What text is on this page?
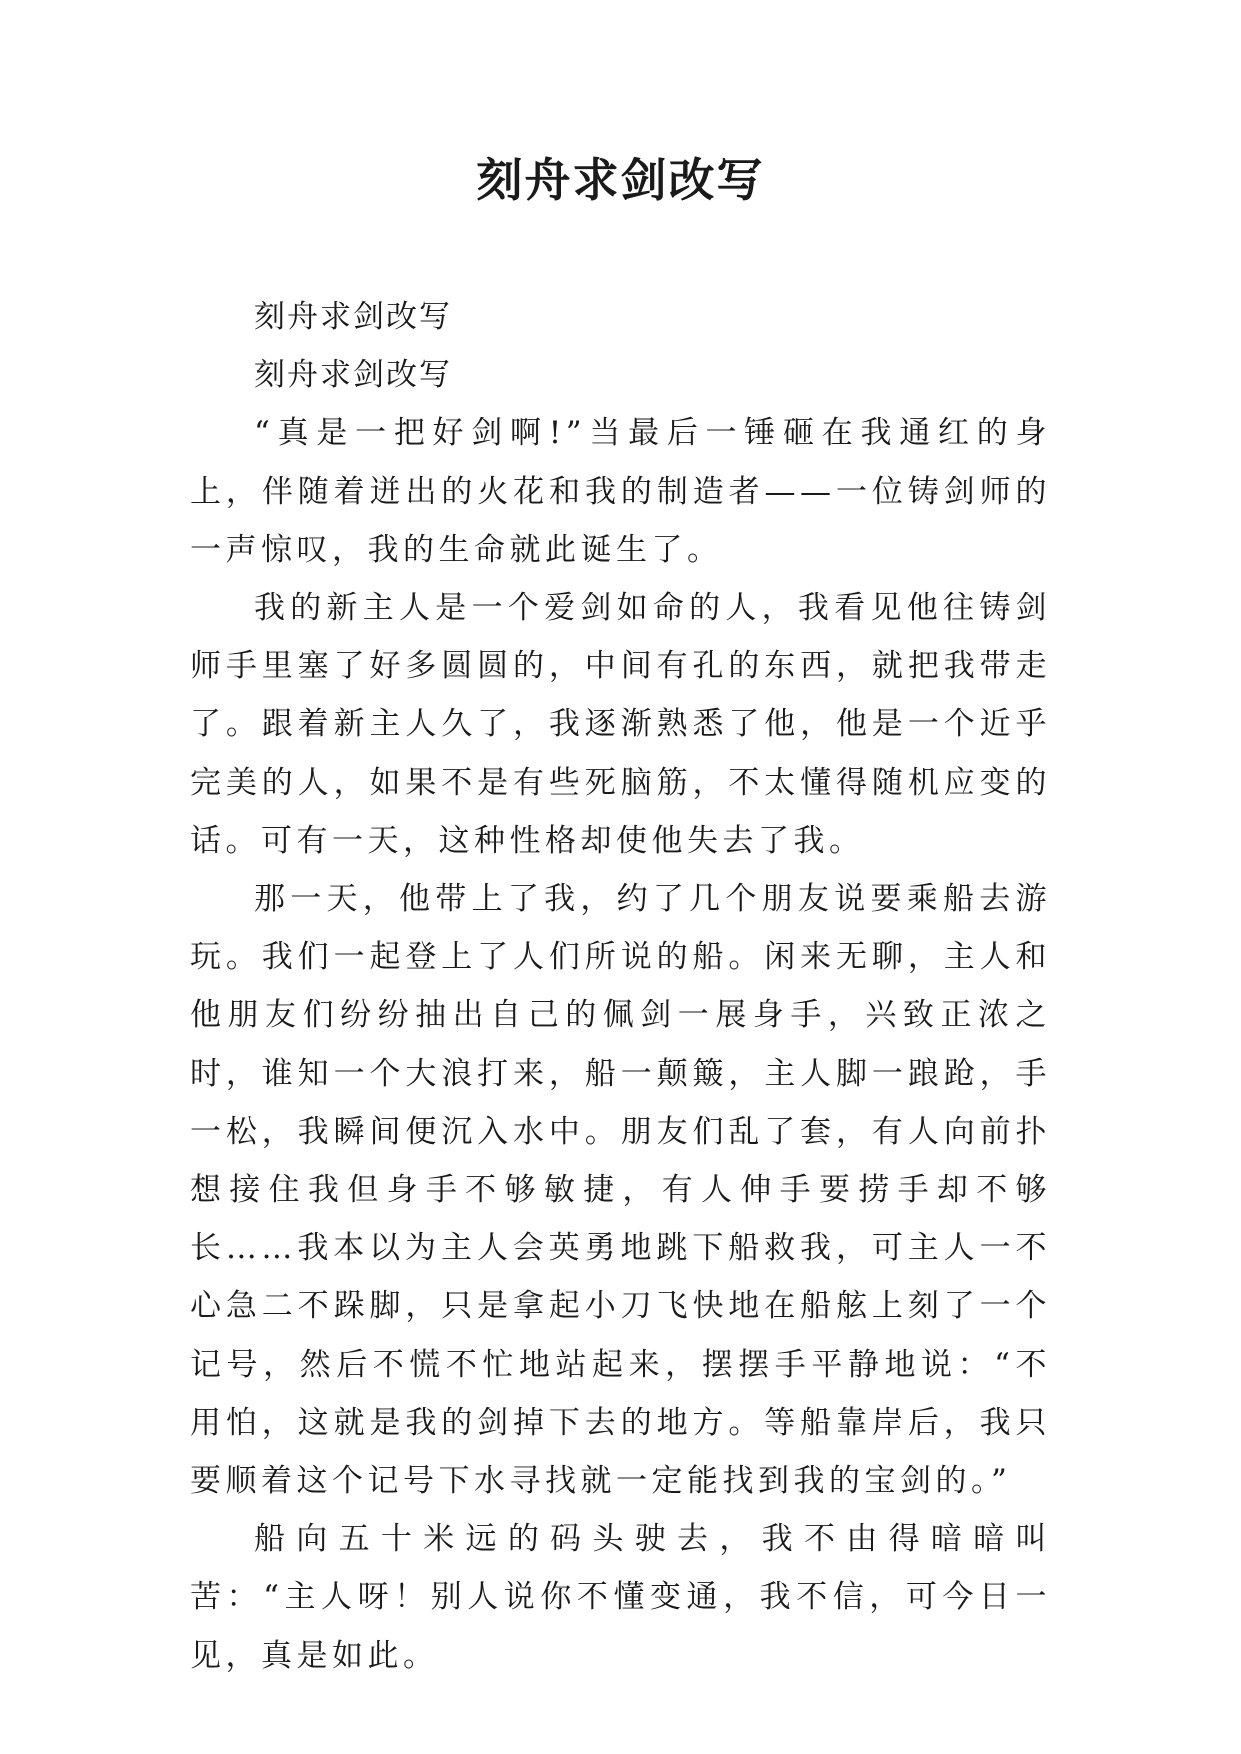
刻舟求剑改写

刻舟求剑改写

刻舟求剑改写

“真是一把好剑啊!”当最后一锤砸在我通红的身上，伴随着迸出的火花和我的制造者——一位铸剑师的一声惊叹，我的生命就此诞生了。

我的新主人是一个爱剑如命的人，我看见他往铸剑师手里塞了好多圆圆的，中间有孔的东西，就把我带走了。跟着新主人久了，我逐渐熟悉了他，他是一个近乎完美的人，如果不是有些死脑筋，不太懂得随机应变的话。可有一天，这种性格却使他失去了我。

那一天，他带上了我，约了几个朋友说要乘船去游玩。我们一起登上了人们所说的船。闲来无聊，主人和他朋友们纷纷抽出自己的佩剑一展身手，兴致正浓之时，谁知一个大浪打来，船一颠簸，主人脚一踉跄，手一松，我瞬间便沉入水中。朋友们乱了套，有人向前扑想接住我但身手不够敏捷，有人伸手要捞手却不够长……我本以为主人会英勇地跳下船救我，可主人一不心急二不跺脚，只是拿起小刀飞快地在船舷上刻了一个记号，然后不慌不忙地站起来，摆摆手平静地说：“不用怕，这就是我的剑掉下去的地方。等船靠岸后，我只要顺着这个记号下水寻找就一定能找到我的宝剑的。”

船向五十米远的码头驶去，我不由得暗暗叫苦：“主人呀！别人说你不懂变通，我不信，可今日一见，真是如此。
